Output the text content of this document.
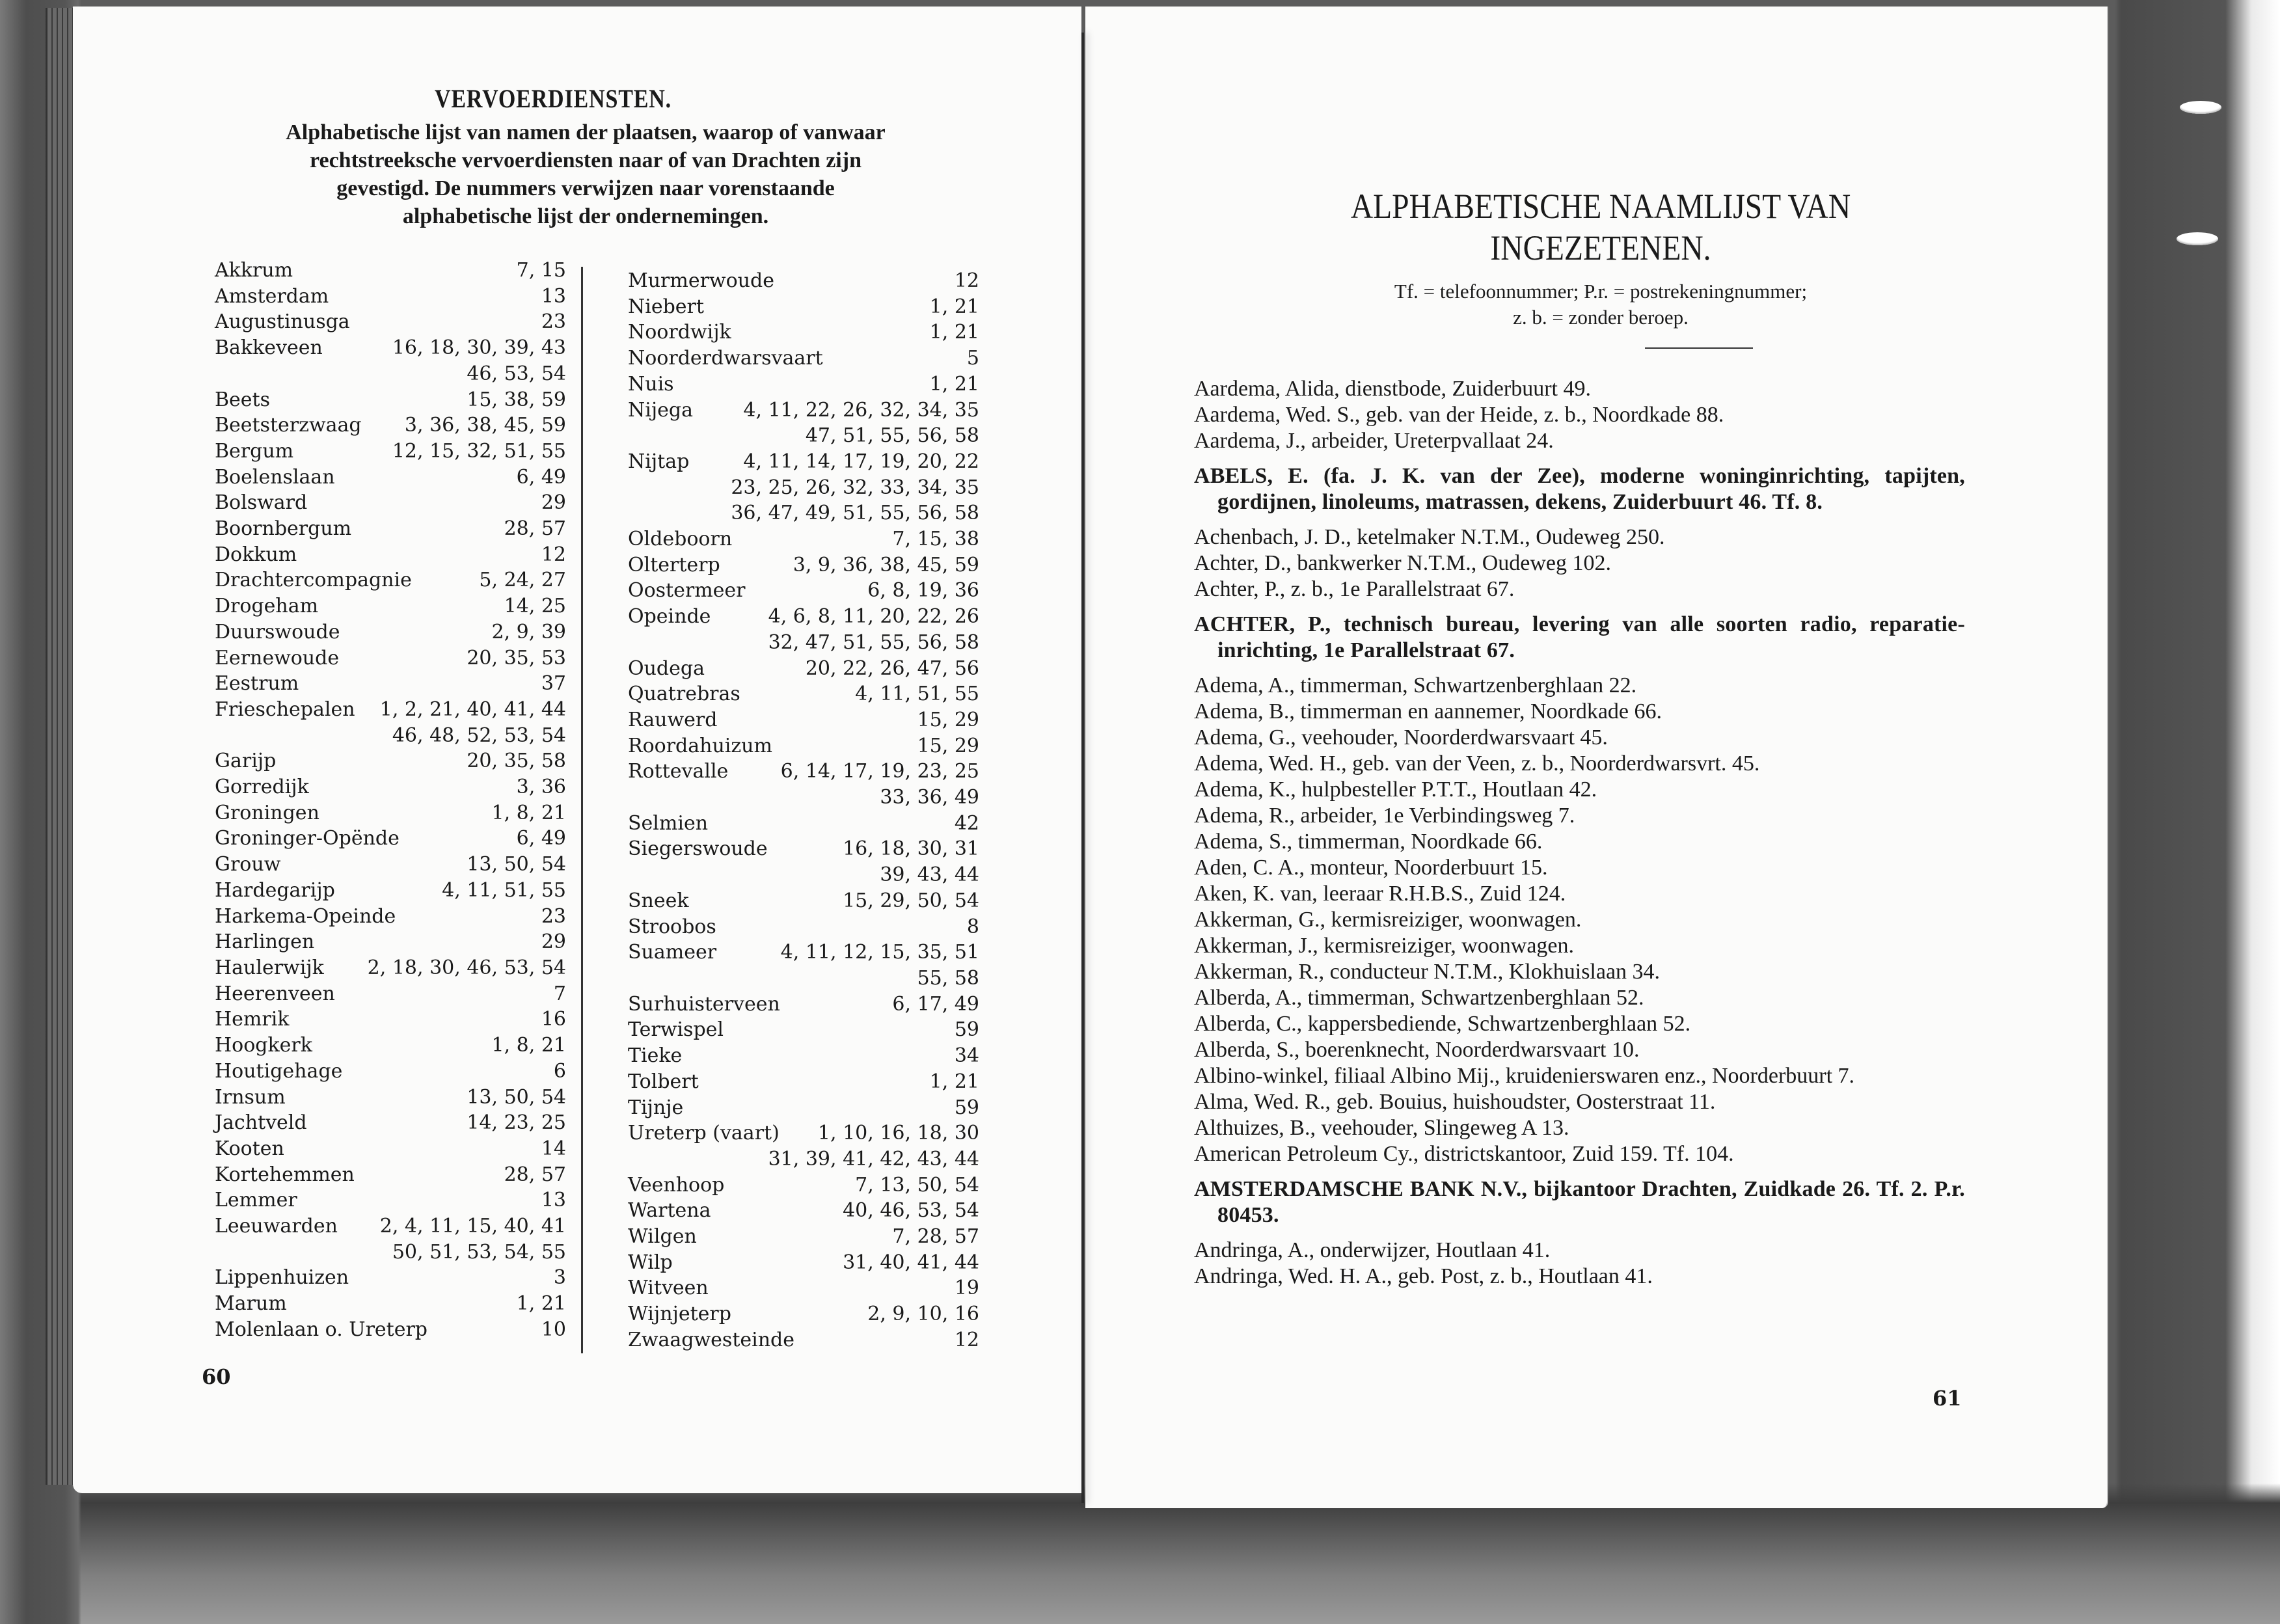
VERVOERDIENSTEN.
Alphabetische lijst van namen der plaatsen, waarop of vanwaar
rechtstreeksche vervoerdiensten naar of van Drachten zijn
gevestigd. De nummers verwijzen naar vorenstaande
alphabetische lijst der ondernemingen.
Akkrum	7, 15
Amsterdam	13
Augustinusga	23
Bakkeveen	16, 18, 30, 39, 43
46, 53, 54
Beets	15, 38, 59
Beetsterzwaag 3, 36, 38, 45, 59
Bergum	12, 15, 32, 51, 55
Boelenslaan	6, 49
Bolsward	29
Boornbergum	28, 57
Dokkum	12
Drachtercompagnie	5, 24, 27
Drogeham	14, 25
Duurswoude	2, 9, 39
Eernewoude	20, 35, 53
Eestrum	37
Frieschepalen 1, 2, 21, 40, 41, 44
46, 48, 52, 53, 54
Garijp	20, 35, 58
Gorredijk	3, 36
Groningen	1, 8, 21
Groninger-Opënde	6, 49
Grouw	13, 50, 54
Hardegarijp	4, 11, 51, 55
Harkema-Opeinde	23
Harlingen	29
Haulerwijk 2, 18, 30, 46, 53, 54
Heerenveen	7
Hemrik	16
Hoogkerk	1, 8, 21
Houtigehage	6
Irnsum	13, 50, 54
Jachtveld	14, 23, 25
Kooten	14
Kortehemmen	28, 57
Lemmer	13
Leeuwarden 2, 4, 11, 15, 40, 41
50, 51, 53, 54, 55
Lippenhuizen	3
Marum	1, 21
Molenlaan o. Ureterp	10
Murmerwoude	12
Niebert	1, 21
Noordwijk	1, 21
Noorderdwarsvaart	5
Nuis	1, 21
Nijega	4, 11, 22, 26, 32, 34, 35
47, 51, 55, 56, 58
Nijtap	4, 11, 14, 17, 19, 20, 22
23, 25, 26, 32, 33, 34, 35
36, 47, 49, 51, 55, 56, 58
Oldeboorn	7, 15, 38
Olterterp	3, 9, 36, 38, 45, 59
Oostermeer	6, 8, 19, 36
Opeinde	4, 6, 8, 11, 20, 22, 26
32, 47, 51, 55, 56, 58
Oudega	20, 22, 26, 47, 56
Quatrebras	4, 11, 51, 55
Rauwerd	15, 29
Roordahuizum	15, 29
Rottevalle	6, 14, 17, 19, 23, 25
33, 36, 49
Selmien	42
Siegerswoude	16, 18, 30, 31
39, 43, 44
Sneek	15, 29, 50, 54
Stroobos	8
Suameer	4, 11, 12, 15, 35, 51
55, 58
Surhuisterveen	6, 17, 49
Terwispel	59
Tieke	34
Tolbert	1, 21
Tijnje	59
Ureterp (vaart) 1, 10, 16, 18, 30
31, 39, 41, 42, 43, 44
Veenhoop	7, 13, 50, 54
Wartena	40, 46, 53, 54
Wilgen	7, 28, 57
Wilp	31, 40, 41, 44
Witveen	19
Wijnjeterp	2, 9, 10, 16
Zwaagwesteinde	12
60
ALPHABETISCHE NAAMLIJST VAN
INGEZETENEN.
Tf. = telefoonnummer; P.r. = postrekeningnummer;
z. b. = zonder beroep.
Aardema, Alida, dienstbode, Zuiderbuurt 49.
Aardema, Wed. S., geb. van der Heide, z. b., Noordkade 88.
Aardema, J., arbeider, Ureterpvallaat 24.
ABELS, E. (fa. J. K. van der Zee), moderne woninginrichting, tapijten, gordijnen, linoleums, matrassen, dekens, Zuiderbuurt 46. Tf. 8.
Achenbach, J. D., ketelmaker N.T.M., Oudeweg 250.
Achter, D., bankwerker N.T.M., Oudeweg 102.
Achter, P., z. b., 1e Parallelstraat 67.
ACHTER, P., technisch bureau, levering van alle soorten radio, reparatie-inrichting, 1e Parallelstraat 67.
Adema, A., timmerman, Schwartzenberghlaan 22.
Adema, B., timmerman en aannemer, Noordkade 66.
Adema, G., veehouder, Noorderdwarsvaart 45.
Adema, Wed. H., geb. van der Veen, z. b., Noorderdwarsvrt. 45.
Adema, K., hulpbesteller P.T.T., Houtlaan 42.
Adema, R., arbeider, 1e Verbindingsweg 7.
Adema, S., timmerman, Noordkade 66.
Aden, C. A., monteur, Noorderbuurt 15.
Aken, K. van, leeraar R.H.B.S., Zuid 124.
Akkerman, G., kermisreiziger, woonwagen.
Akkerman, J., kermisreiziger, woonwagen.
Akkerman, R., conducteur N.T.M., Klokhuislaan 34.
Alberda, A., timmerman, Schwartzenberghlaan 52.
Alberda, C., kappersbediende, Schwartzenberghlaan 52.
Alberda, S., boerenknecht, Noorderdwarsvaart 10.
Albino-winkel, filiaal Albino Mij., kruidenierswaren enz., Noorderbuurt 7.
Alma, Wed. R., geb. Bouius, huishoudster, Oosterstraat 11.
Althuizes, B., veehouder, Slingeweg A 13.
American Petroleum Cy., districtskantoor, Zuid 159. Tf. 104.
AMSTERDAMSCHE BANK N.V., bijkantoor Drachten, Zuidkade 26. Tf. 2. P.r. 80453.
Andringa, A., onderwijzer, Houtlaan 41.
Andringa, Wed. H. A., geb. Post, z. b., Houtlaan 41.
61
